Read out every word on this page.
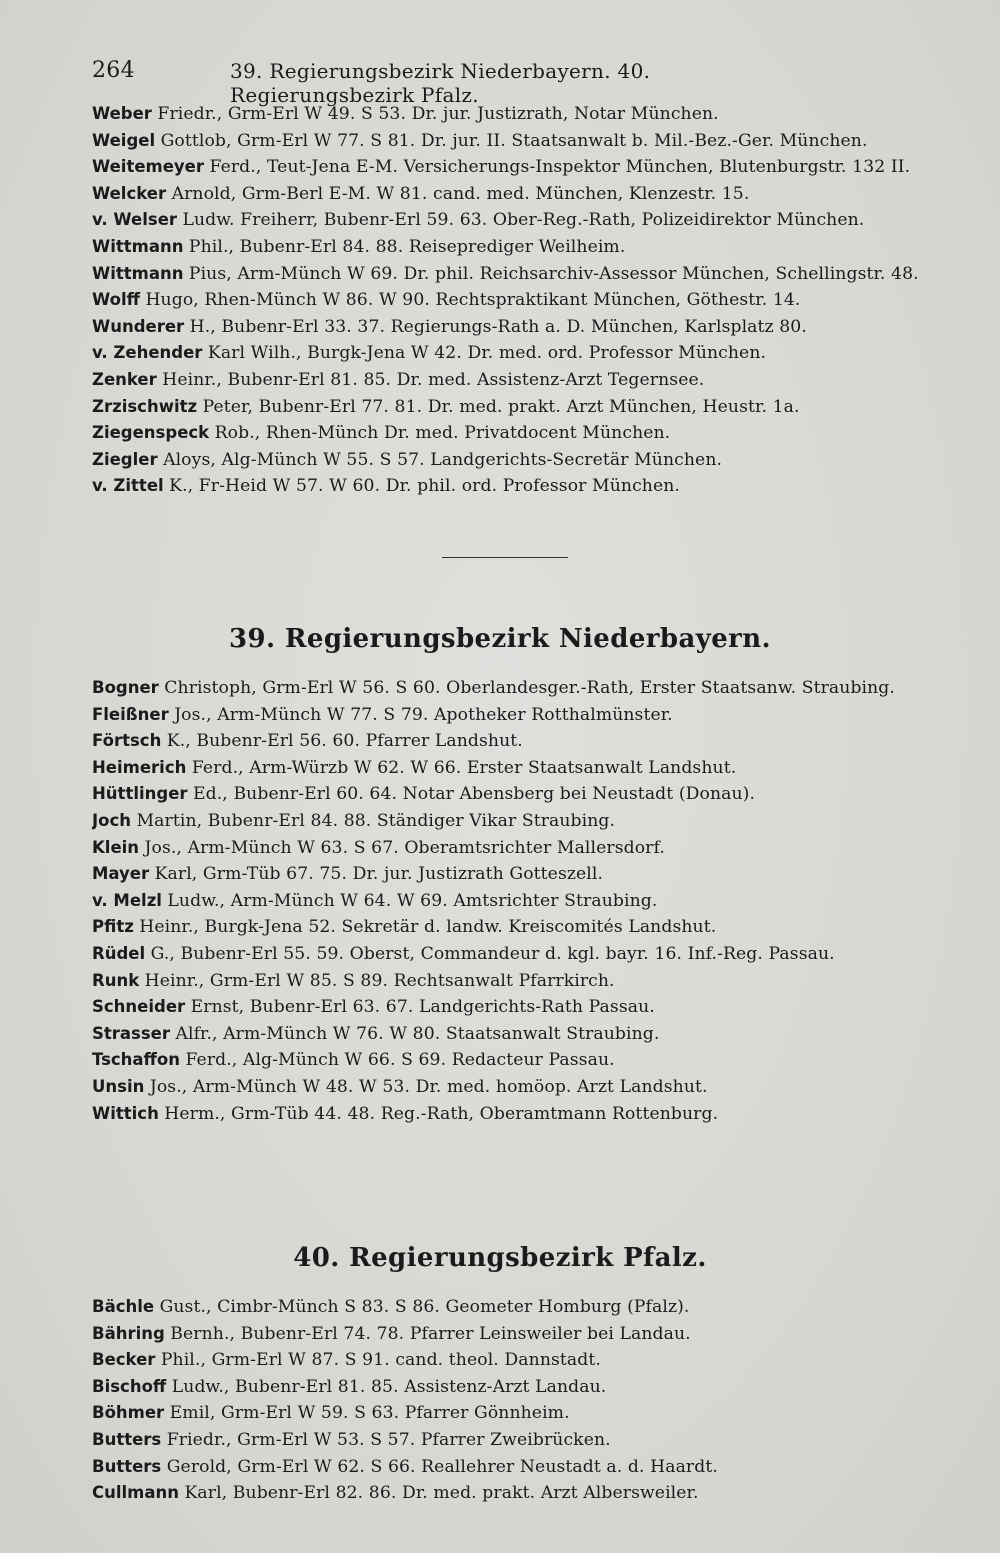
264	39. Regierungsbezirk Niederbayern. 40. Regierungsbezirk Pfalz.
Weber Friedr., Grm-Erl W 49. S 53. Dr. jur. Justizrath, Notar München.
Weigel Gottlob, Grm-Erl W 77. S 81. Dr. jur. II. Staatsanwalt b. Mil.-Bez.-Ger. München.
Weitemeyer Ferd., Teut-Jena E-M. Versicherungs-Inspektor München, Blutenburgstr. 132 II.
Welcker Arnold, Grm-Berl E-M. W 81. cand. med. München, Klenzestr. 15.
v. Welser Ludw. Freiherr, Bubenr-Erl 59. 63. Ober-Reg.-Rath, Polizeidirektor München.
Wittmann Phil., Bubenr-Erl 84. 88. Reiseprediger Weilheim.
Wittmann Pius, Arm-Münch W 69. Dr. phil. Reichsarchiv-Assessor München, Schellingstr. 48.
Wolff Hugo, Rhen-Münch W 86. W 90. Rechtspraktikant München, Göthestr. 14.
Wunderer H., Bubenr-Erl 33. 37. Regierungs-Rath a. D. München, Karlsplatz 80.
v. Zehender Karl Wilh., Burgk-Jena W 42. Dr. med. ord. Professor München.
Zenker Heinr., Bubenr-Erl 81. 85. Dr. med. Assistenz-Arzt Tegernsee.
Zrzischwitz Peter, Bubenr-Erl 77. 81. Dr. med. prakt. Arzt München, Heustr. 1a.
Ziegenspeck Rob., Rhen-Münch Dr. med. Privatdocent München.
Ziegler Aloys, Alg-Münch W 55. S 57. Landgerichts-Secretär München.
v. Zittel K., Fr-Heid W 57. W 60. Dr. phil. ord. Professor München.
39. Regierungsbezirk Niederbayern.
Bogner Christoph, Grm-Erl W 56. S 60. Oberlandesger.-Rath, Erster Staatsanw. Straubing.
Fleißner Jos., Arm-Münch W 77. S 79. Apotheker Rotthalmünster.
Förtsch K., Bubenr-Erl 56. 60. Pfarrer Landshut.
Heimerich Ferd., Arm-Würzb W 62. W 66. Erster Staatsanwalt Landshut.
Hüttlinger Ed., Bubenr-Erl 60. 64. Notar Abensberg bei Neustadt (Donau).
Joch Martin, Bubenr-Erl 84. 88. Ständiger Vikar Straubing.
Klein Jos., Arm-Münch W 63. S 67. Oberamtsrichter Mallersdorf.
Mayer Karl, Grm-Tüb 67. 75. Dr. jur. Justizrath Gotteszell.
v. Melzl Ludw., Arm-Münch W 64. W 69. Amtsrichter Straubing.
Pfitz Heinr., Burgk-Jena 52. Sekretär d. landw. Kreiscomités Landshut.
Rüdel G., Bubenr-Erl 55. 59. Oberst, Commandeur d. kgl. bayr. 16. Inf.-Reg. Passau.
Runk Heinr., Grm-Erl W 85. S 89. Rechtsanwalt Pfarrkirch.
Schneider Ernst, Bubenr-Erl 63. 67. Landgerichts-Rath Passau.
Strasser Alfr., Arm-Münch W 76. W 80. Staatsanwalt Straubing.
Tschaffon Ferd., Alg-Münch W 66. S 69. Redacteur Passau.
Unsin Jos., Arm-Münch W 48. W 53. Dr. med. homöop. Arzt Landshut.
Wittich Herm., Grm-Tüb 44. 48. Reg.-Rath, Oberamtmann Rottenburg.
40. Regierungsbezirk Pfalz.
Bächle Gust., Cimbr-Münch S 83. S 86. Geometer Homburg (Pfalz).
Bähring Bernh., Bubenr-Erl 74. 78. Pfarrer Leinsweiler bei Landau.
Becker Phil., Grm-Erl W 87. S 91. cand. theol. Dannstadt.
Bischoff Ludw., Bubenr-Erl 81. 85. Assistenz-Arzt Landau.
Böhmer Emil, Grm-Erl W 59. S 63. Pfarrer Gönnheim.
Butters Friedr., Grm-Erl W 53. S 57. Pfarrer Zweibrücken.
Butters Gerold, Grm-Erl W 62. S 66. Reallehrer Neustadt a. d. Haardt.
Cullmann Karl, Bubenr-Erl 82. 86. Dr. med. prakt. Arzt Albersweiler.
